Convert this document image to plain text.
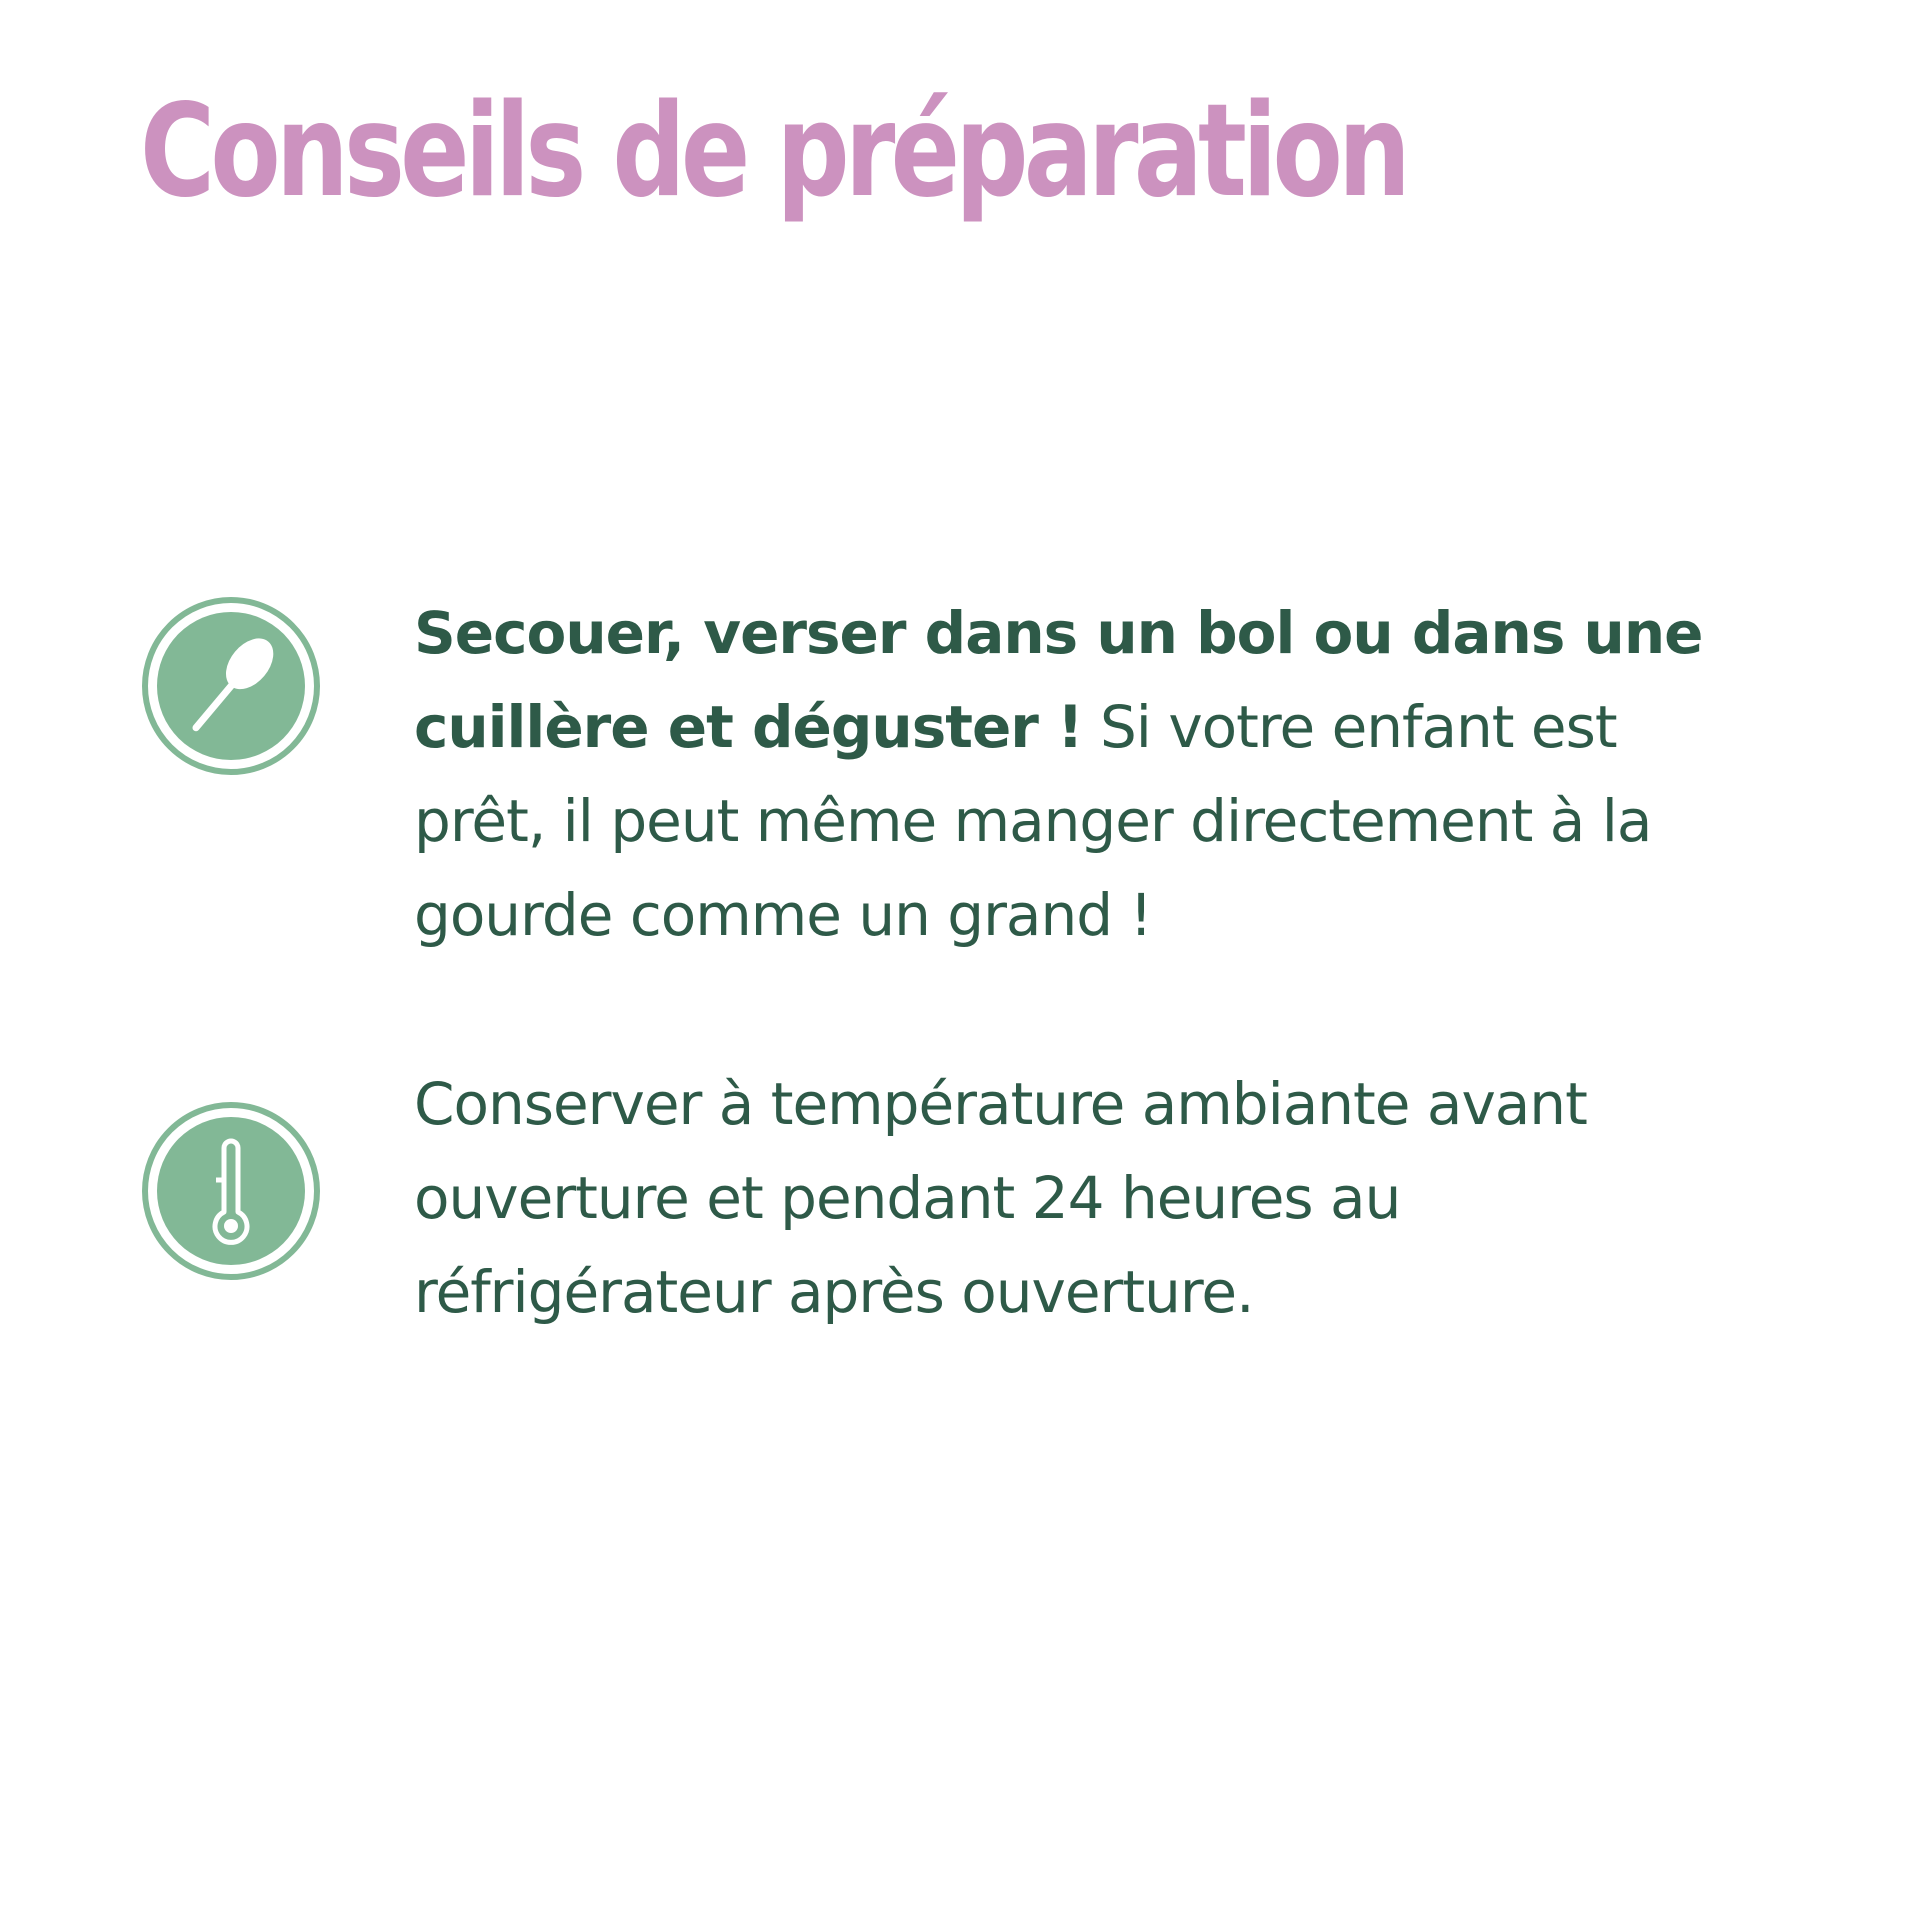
Conseils de préparation

Secouer, verser dans un bol ou dans une cuillère et déguster ! Si votre enfant est prêt, il peut même manger directement à la gourde comme un grand !

Conserver à température ambiante avant ouverture et pendant 24 heures au réfrigérateur après ouverture.
